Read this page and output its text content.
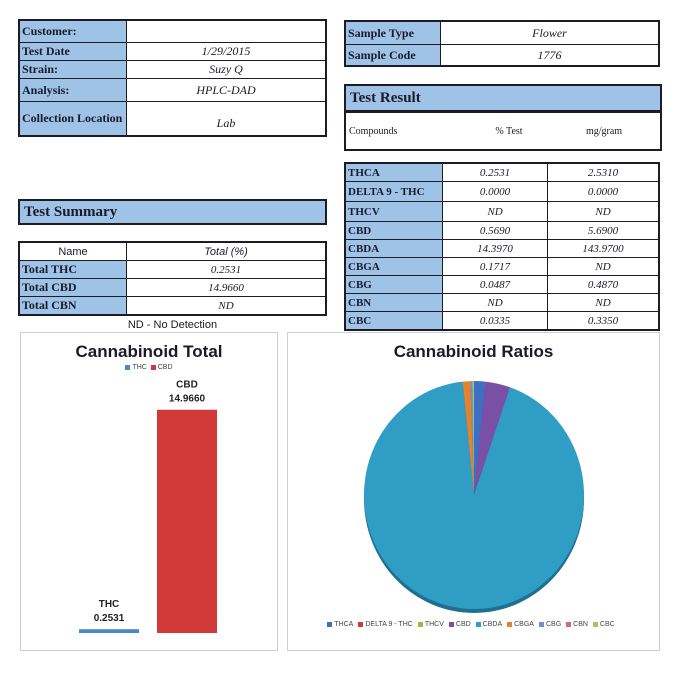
Customer:	
Test Date	1/29/2015
Strain:	Suzy Q
Analysis:	HPLC-DAD
Collection Location	Lab
Sample Type	Flower
Sample Code	1776
Test Result
Compounds	% Test	mg/gram
THCA	0.2531	2.5310
DELTA 9 - THC	0.0000	0.0000
THCV	ND	ND
CBD	0.5690	5.6900
CBDA	14.3970	143.9700
CBGA	0.1717	ND
CBG	0.0487	0.4870
CBN	ND	ND
CBC	0.0335	0.3350
Test Summary
Name	Total (%)
Total THC	0.2531
Total CBD	14.9660
Total CBN	ND
ND - No Detection
Cannabinoid Total
THC CBD
THC
0.2531
CBD
14.9660
Cannabinoid Ratios
THCA DELTA 9 - THC THCV CBD CBDA CBGA CBG CBN CBC
